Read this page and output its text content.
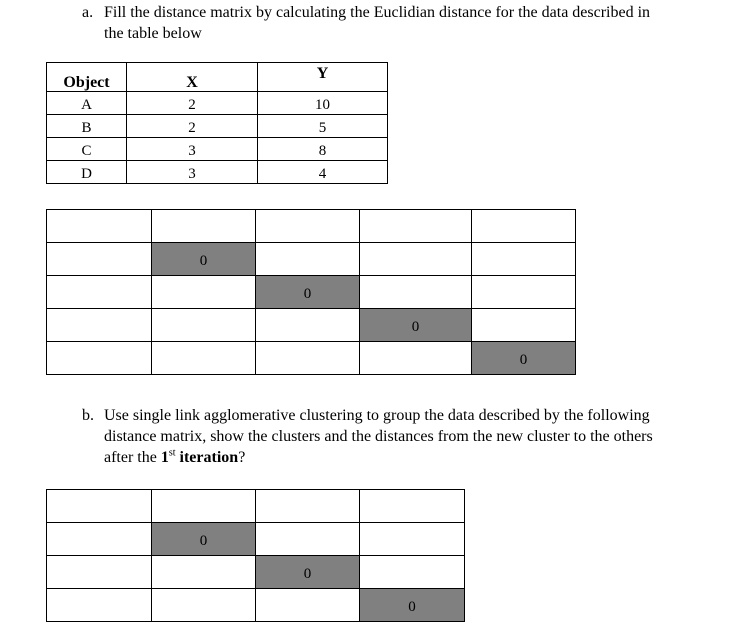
a. Fill the distance matrix by calculating the Euclidian distance for the data described in
the table below
Object	X	Y
A	2	10
B	2	5
C	3	8
D	3	4

	0			
		0		
			0	
				0
b. Use single link agglomerative clustering to group the data described by the following
distance matrix, show the clusters and the distances from the new cluster to the others
after the 1st iteration?

	0		
		0	
			0
